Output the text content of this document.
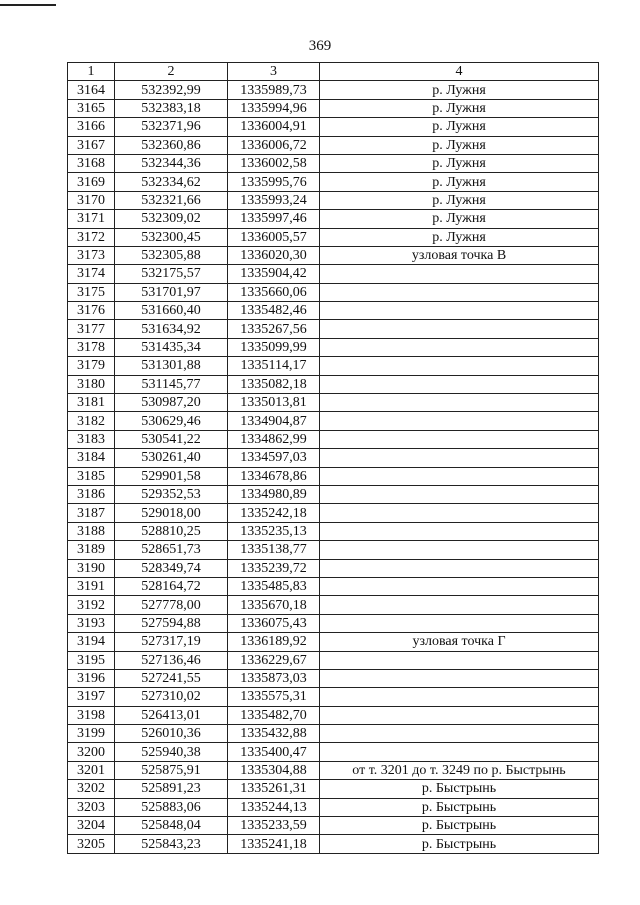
369
1	2	3	4
3164	532392,99	1335989,73	р. Лужня
3165	532383,18	1335994,96	р. Лужня
3166	532371,96	1336004,91	р. Лужня
3167	532360,86	1336006,72	р. Лужня
3168	532344,36	1336002,58	р. Лужня
3169	532334,62	1335995,76	р. Лужня
3170	532321,66	1335993,24	р. Лужня
3171	532309,02	1335997,46	р. Лужня
3172	532300,45	1336005,57	р. Лужня
3173	532305,88	1336020,30	узловая точка В
3174	532175,57	1335904,42	
3175	531701,97	1335660,06	
3176	531660,40	1335482,46	
3177	531634,92	1335267,56	
3178	531435,34	1335099,99	
3179	531301,88	1335114,17	
3180	531145,77	1335082,18	
3181	530987,20	1335013,81	
3182	530629,46	1334904,87	
3183	530541,22	1334862,99	
3184	530261,40	1334597,03	
3185	529901,58	1334678,86	
3186	529352,53	1334980,89	
3187	529018,00	1335242,18	
3188	528810,25	1335235,13	
3189	528651,73	1335138,77	
3190	528349,74	1335239,72	
3191	528164,72	1335485,83	
3192	527778,00	1335670,18	
3193	527594,88	1336075,43	
3194	527317,19	1336189,92	узловая точка Г
3195	527136,46	1336229,67	
3196	527241,55	1335873,03	
3197	527310,02	1335575,31	
3198	526413,01	1335482,70	
3199	526010,36	1335432,88	
3200	525940,38	1335400,47	
3201	525875,91	1335304,88	от т. 3201 до т. 3249 по р. Быстрынь
3202	525891,23	1335261,31	р. Быстрынь
3203	525883,06	1335244,13	р. Быстрынь
3204	525848,04	1335233,59	р. Быстрынь
3205	525843,23	1335241,18	р. Быстрынь
